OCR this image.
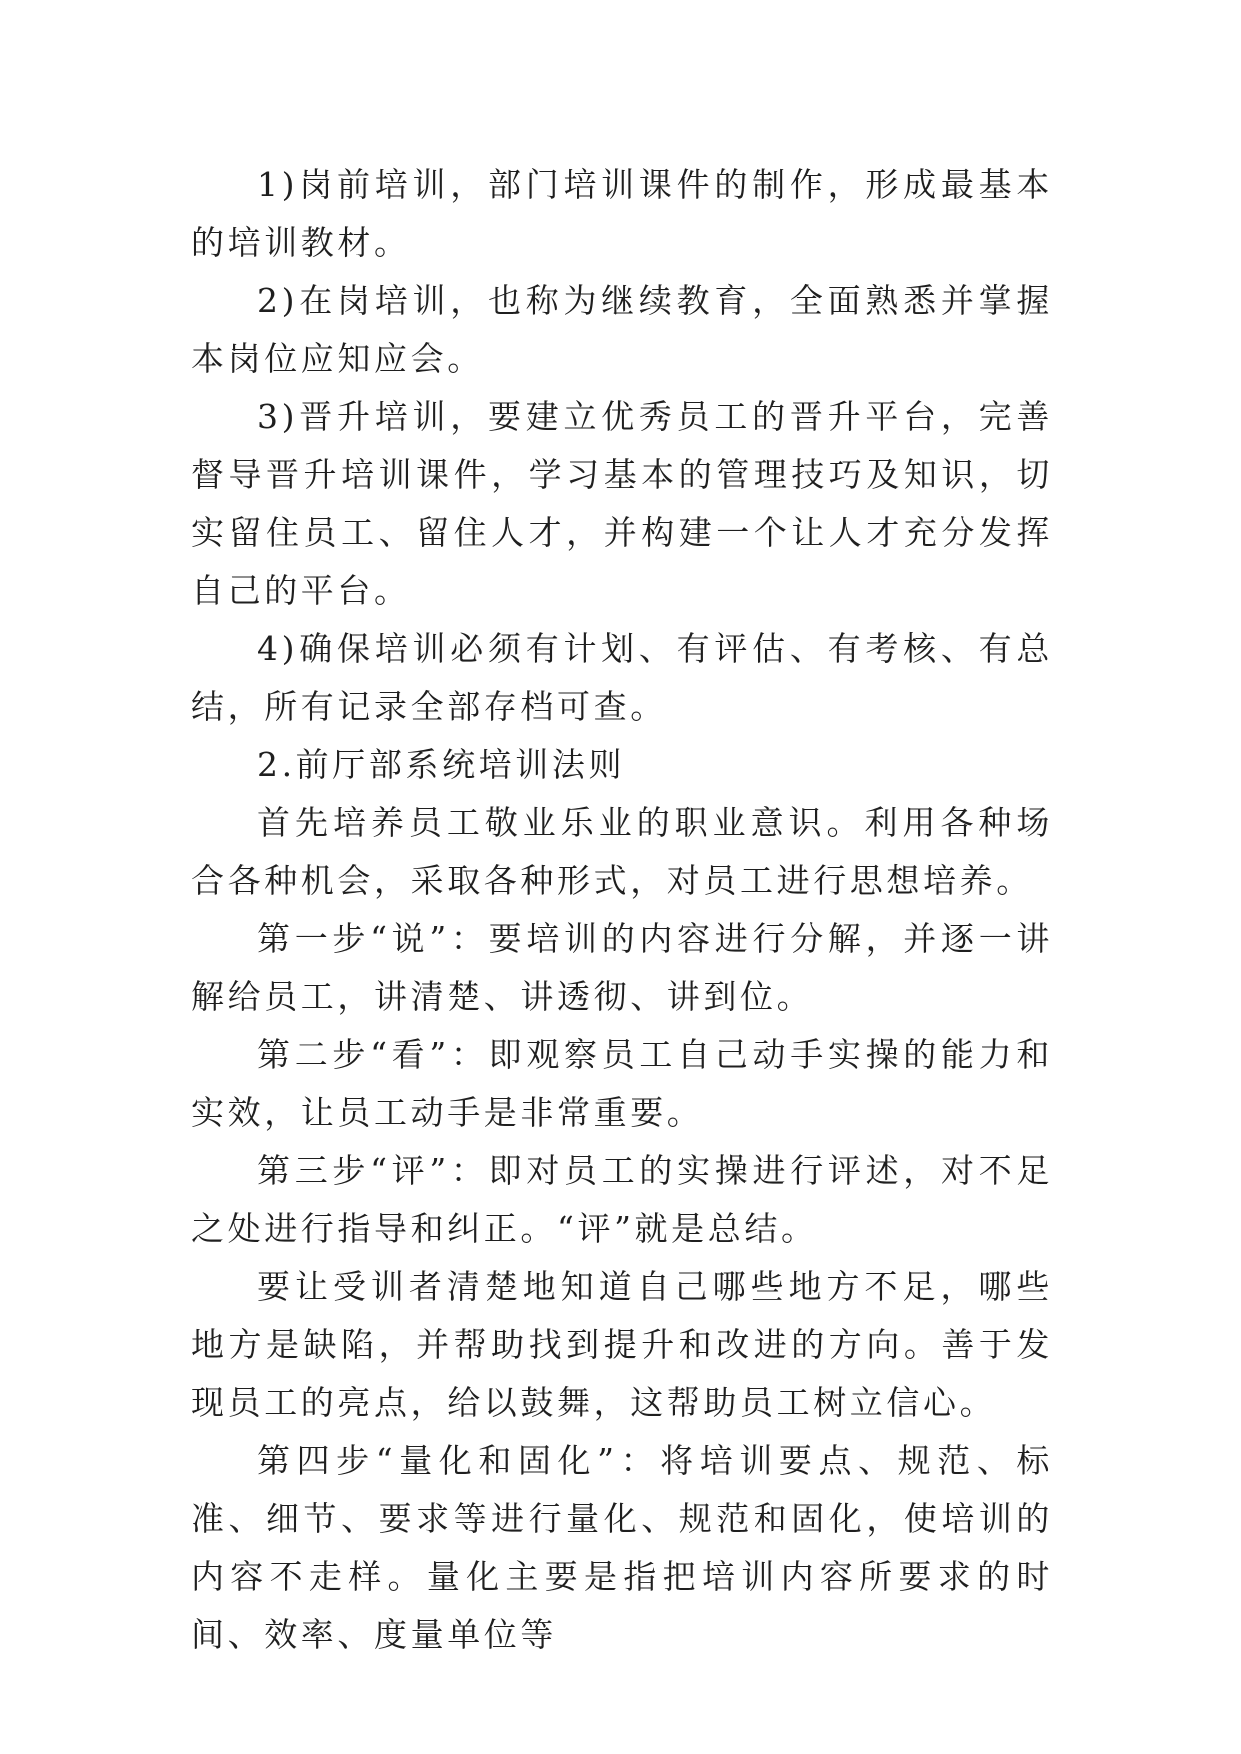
1)岗前培训，部门培训课件的制作，形成最基本的培训教材。

2)在岗培训，也称为继续教育，全面熟悉并掌握本岗位应知应会。

3)晋升培训，要建立优秀员工的晋升平台，完善督导晋升培训课件，学习基本的管理技巧及知识，切实留住员工、留住人才，并构建一个让人才充分发挥自己的平台。

4)确保培训必须有计划、有评估、有考核、有总结，所有记录全部存档可查。

2.前厅部系统培训法则

首先培养员工敬业乐业的职业意识。利用各种场合各种机会，采取各种形式，对员工进行思想培养。

第一步“说”：要培训的内容进行分解，并逐一讲解给员工，讲清楚、讲透彻、讲到位。

第二步“看”：即观察员工自己动手实操的能力和实效，让员工动手是非常重要。

第三步“评”：即对员工的实操进行评述，对不足之处进行指导和纠正。“评”就是总结。

要让受训者清楚地知道自己哪些地方不足，哪些地方是缺陷，并帮助找到提升和改进的方向。善于发现员工的亮点，给以鼓舞，这帮助员工树立信心。

第四步“量化和固化”：将培训要点、规范、标准、细节、要求等进行量化、规范和固化，使培训的内容不走样。量化主要是指把培训内容所要求的时间、效率、度量单位等
